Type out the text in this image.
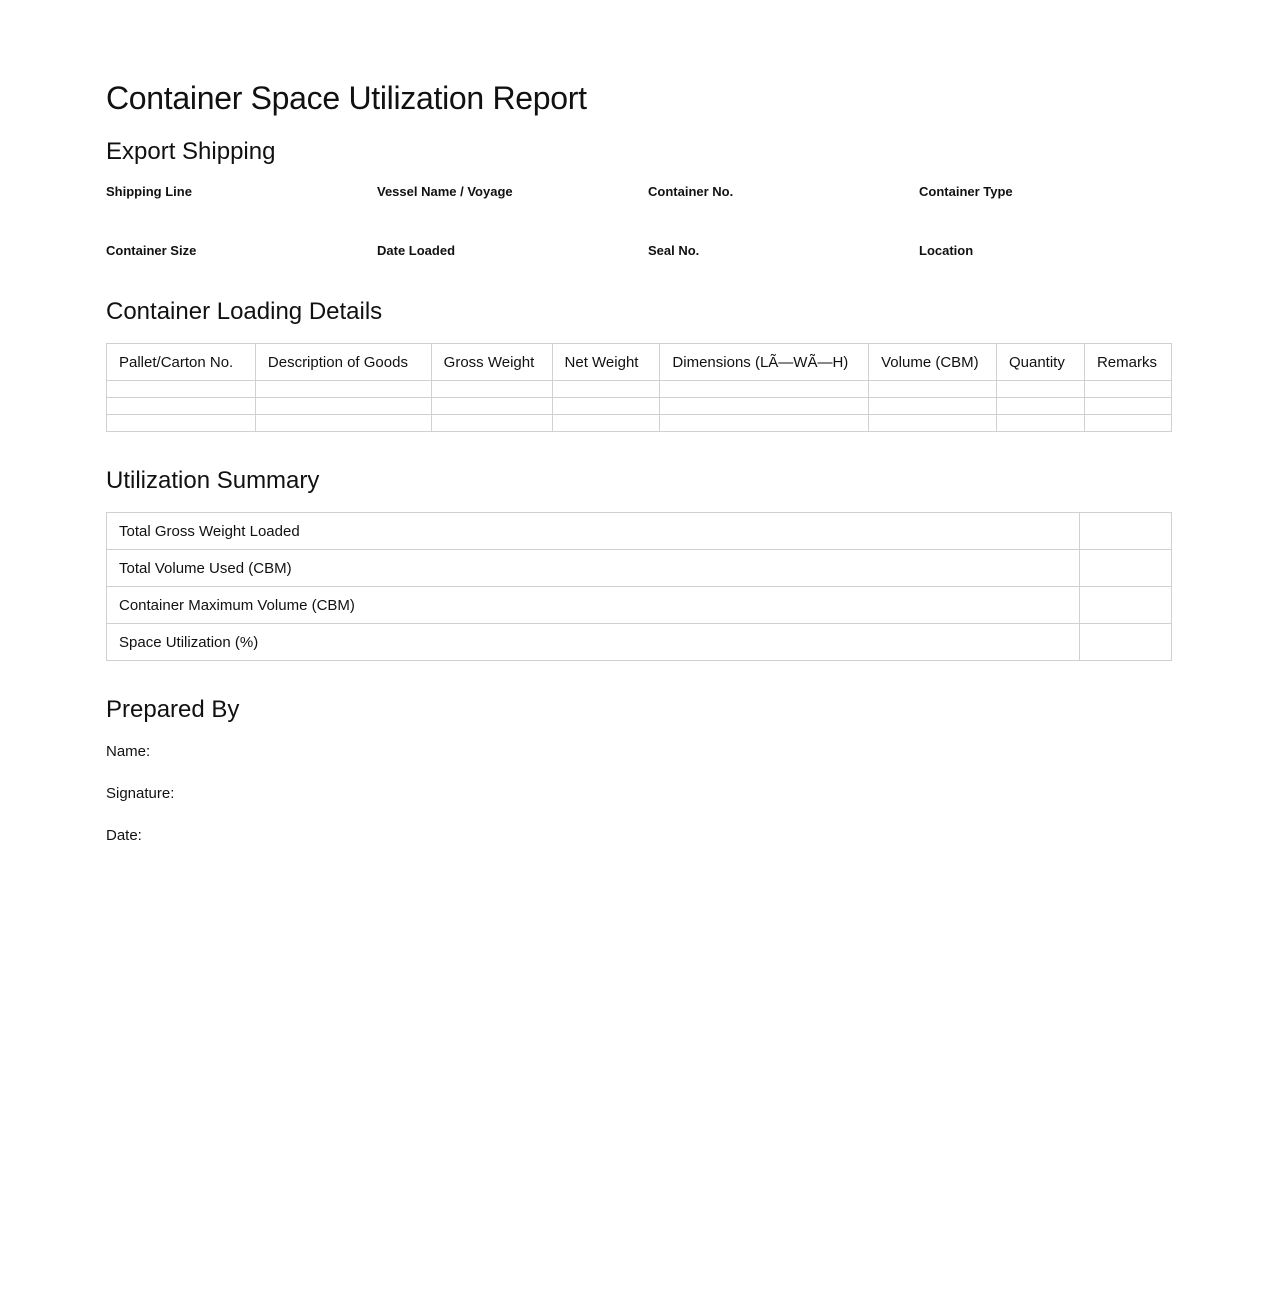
Container Space Utilization Report
Export Shipping
Shipping Line	Vessel Name / Voyage	Container No.	Container Type
Container Size	Date Loaded	Seal No.	Location
Container Loading Details
Pallet/Carton No.	Description of Goods	Gross Weight	Net Weight	Dimensions (LÃ—WÃ—H)	Volume (CBM)	Quantity	Remarks

Utilization Summary
Total Gross Weight Loaded	
Total Volume Used (CBM)	
Container Maximum Volume (CBM)	
Space Utilization (%)	
Prepared By
Name:
Signature:
Date:
